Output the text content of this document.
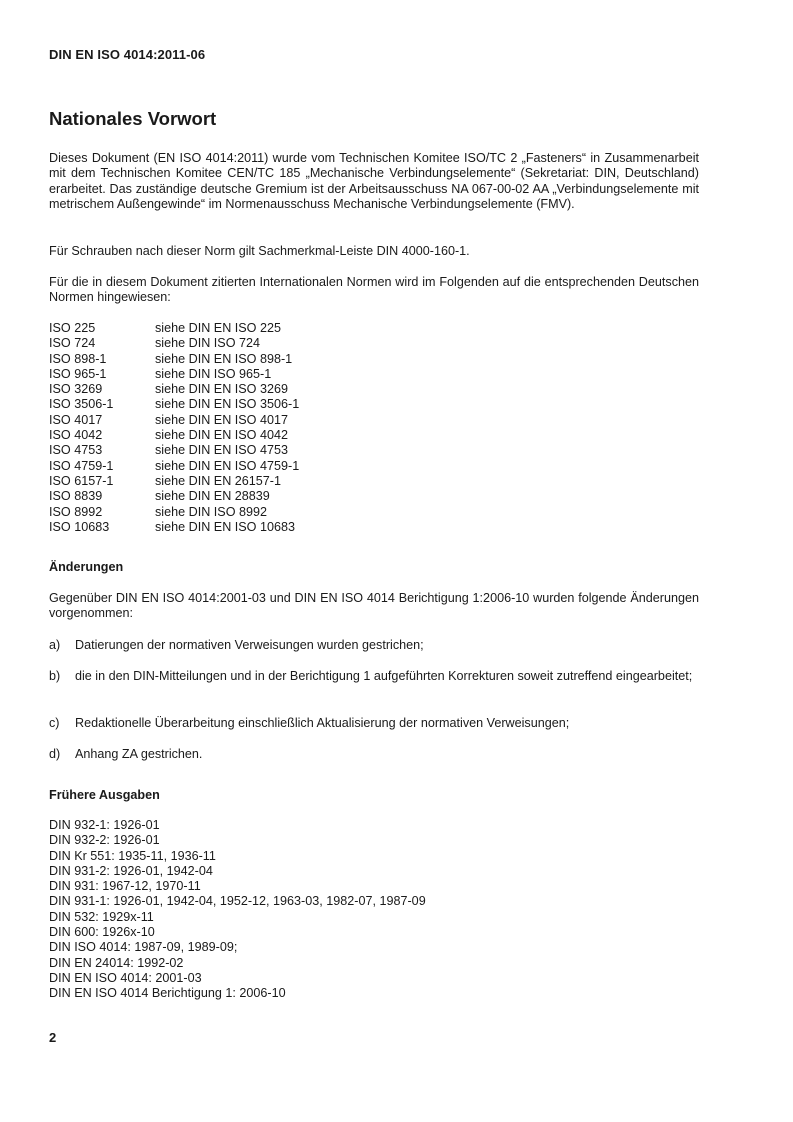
DIN EN ISO 4014:2011-06
Nationales Vorwort

Dieses Dokument (EN ISO 4014:2011) wurde vom Technischen Komitee ISO/TC 2 „Fasteners“ in Zusammenarbeit mit dem Technischen Komitee CEN/TC 185 „Mechanische Verbindungselemente“ (Sekretariat: DIN, Deutschland) erarbeitet. Das zuständige deutsche Gremium ist der Arbeitsausschuss NA 067-00-02 AA „Verbindungselemente mit metrischem Außengewinde“ im Normenausschuss Mechanische Verbindungselemente (FMV).

Für Schrauben nach dieser Norm gilt Sachmerkmal-Leiste DIN 4000-160-1.

Für die in diesem Dokument zitierten Internationalen Normen wird im Folgenden auf die entsprechenden Deutschen Normen hingewiesen:

ISO 225	siehe DIN EN ISO 225
ISO 724	siehe DIN ISO 724
ISO 898-1	siehe DIN EN ISO 898-1
ISO 965-1	siehe DIN ISO 965-1
ISO 3269	siehe DIN EN ISO 3269
ISO 3506-1	siehe DIN EN ISO 3506-1
ISO 4017	siehe DIN EN ISO 4017
ISO 4042	siehe DIN EN ISO 4042
ISO 4753	siehe DIN EN ISO 4753
ISO 4759-1	siehe DIN EN ISO 4759-1
ISO 6157-1	siehe DIN EN 26157-1
ISO 8839	siehe DIN EN 28839
ISO 8992	siehe DIN ISO 8992
ISO 10683	siehe DIN EN ISO 10683
Änderungen

Gegenüber DIN EN ISO 4014:2001-03 und DIN EN ISO 4014 Berichtigung 1:2006-10 wurden folgende Änderungen vorgenommen:

a)	Datierungen der normativen Verweisungen wurden gestrichen;
b)	die in den DIN-Mitteilungen und in der Berichtigung 1 aufgeführten Korrekturen soweit zutreffend eingearbeitet;
c)	Redaktionelle Überarbeitung einschließlich Aktualisierung der normativen Verweisungen;
d)	Anhang ZA gestrichen.
Frühere Ausgaben
DIN 932-1: 1926-01
DIN 932-2: 1926-01
DIN Kr 551: 1935-11, 1936-11
DIN 931-2: 1926-01, 1942-04
DIN 931: 1967-12, 1970-11
DIN 931-1: 1926-01, 1942-04, 1952-12, 1963-03, 1982-07, 1987-09
DIN 532: 1929x-11
DIN 600: 1926x-10
DIN ISO 4014: 1987-09, 1989-09;
DIN EN 24014: 1992-02
DIN EN ISO 4014: 2001-03
DIN EN ISO 4014 Berichtigung 1: 2006-10
2
